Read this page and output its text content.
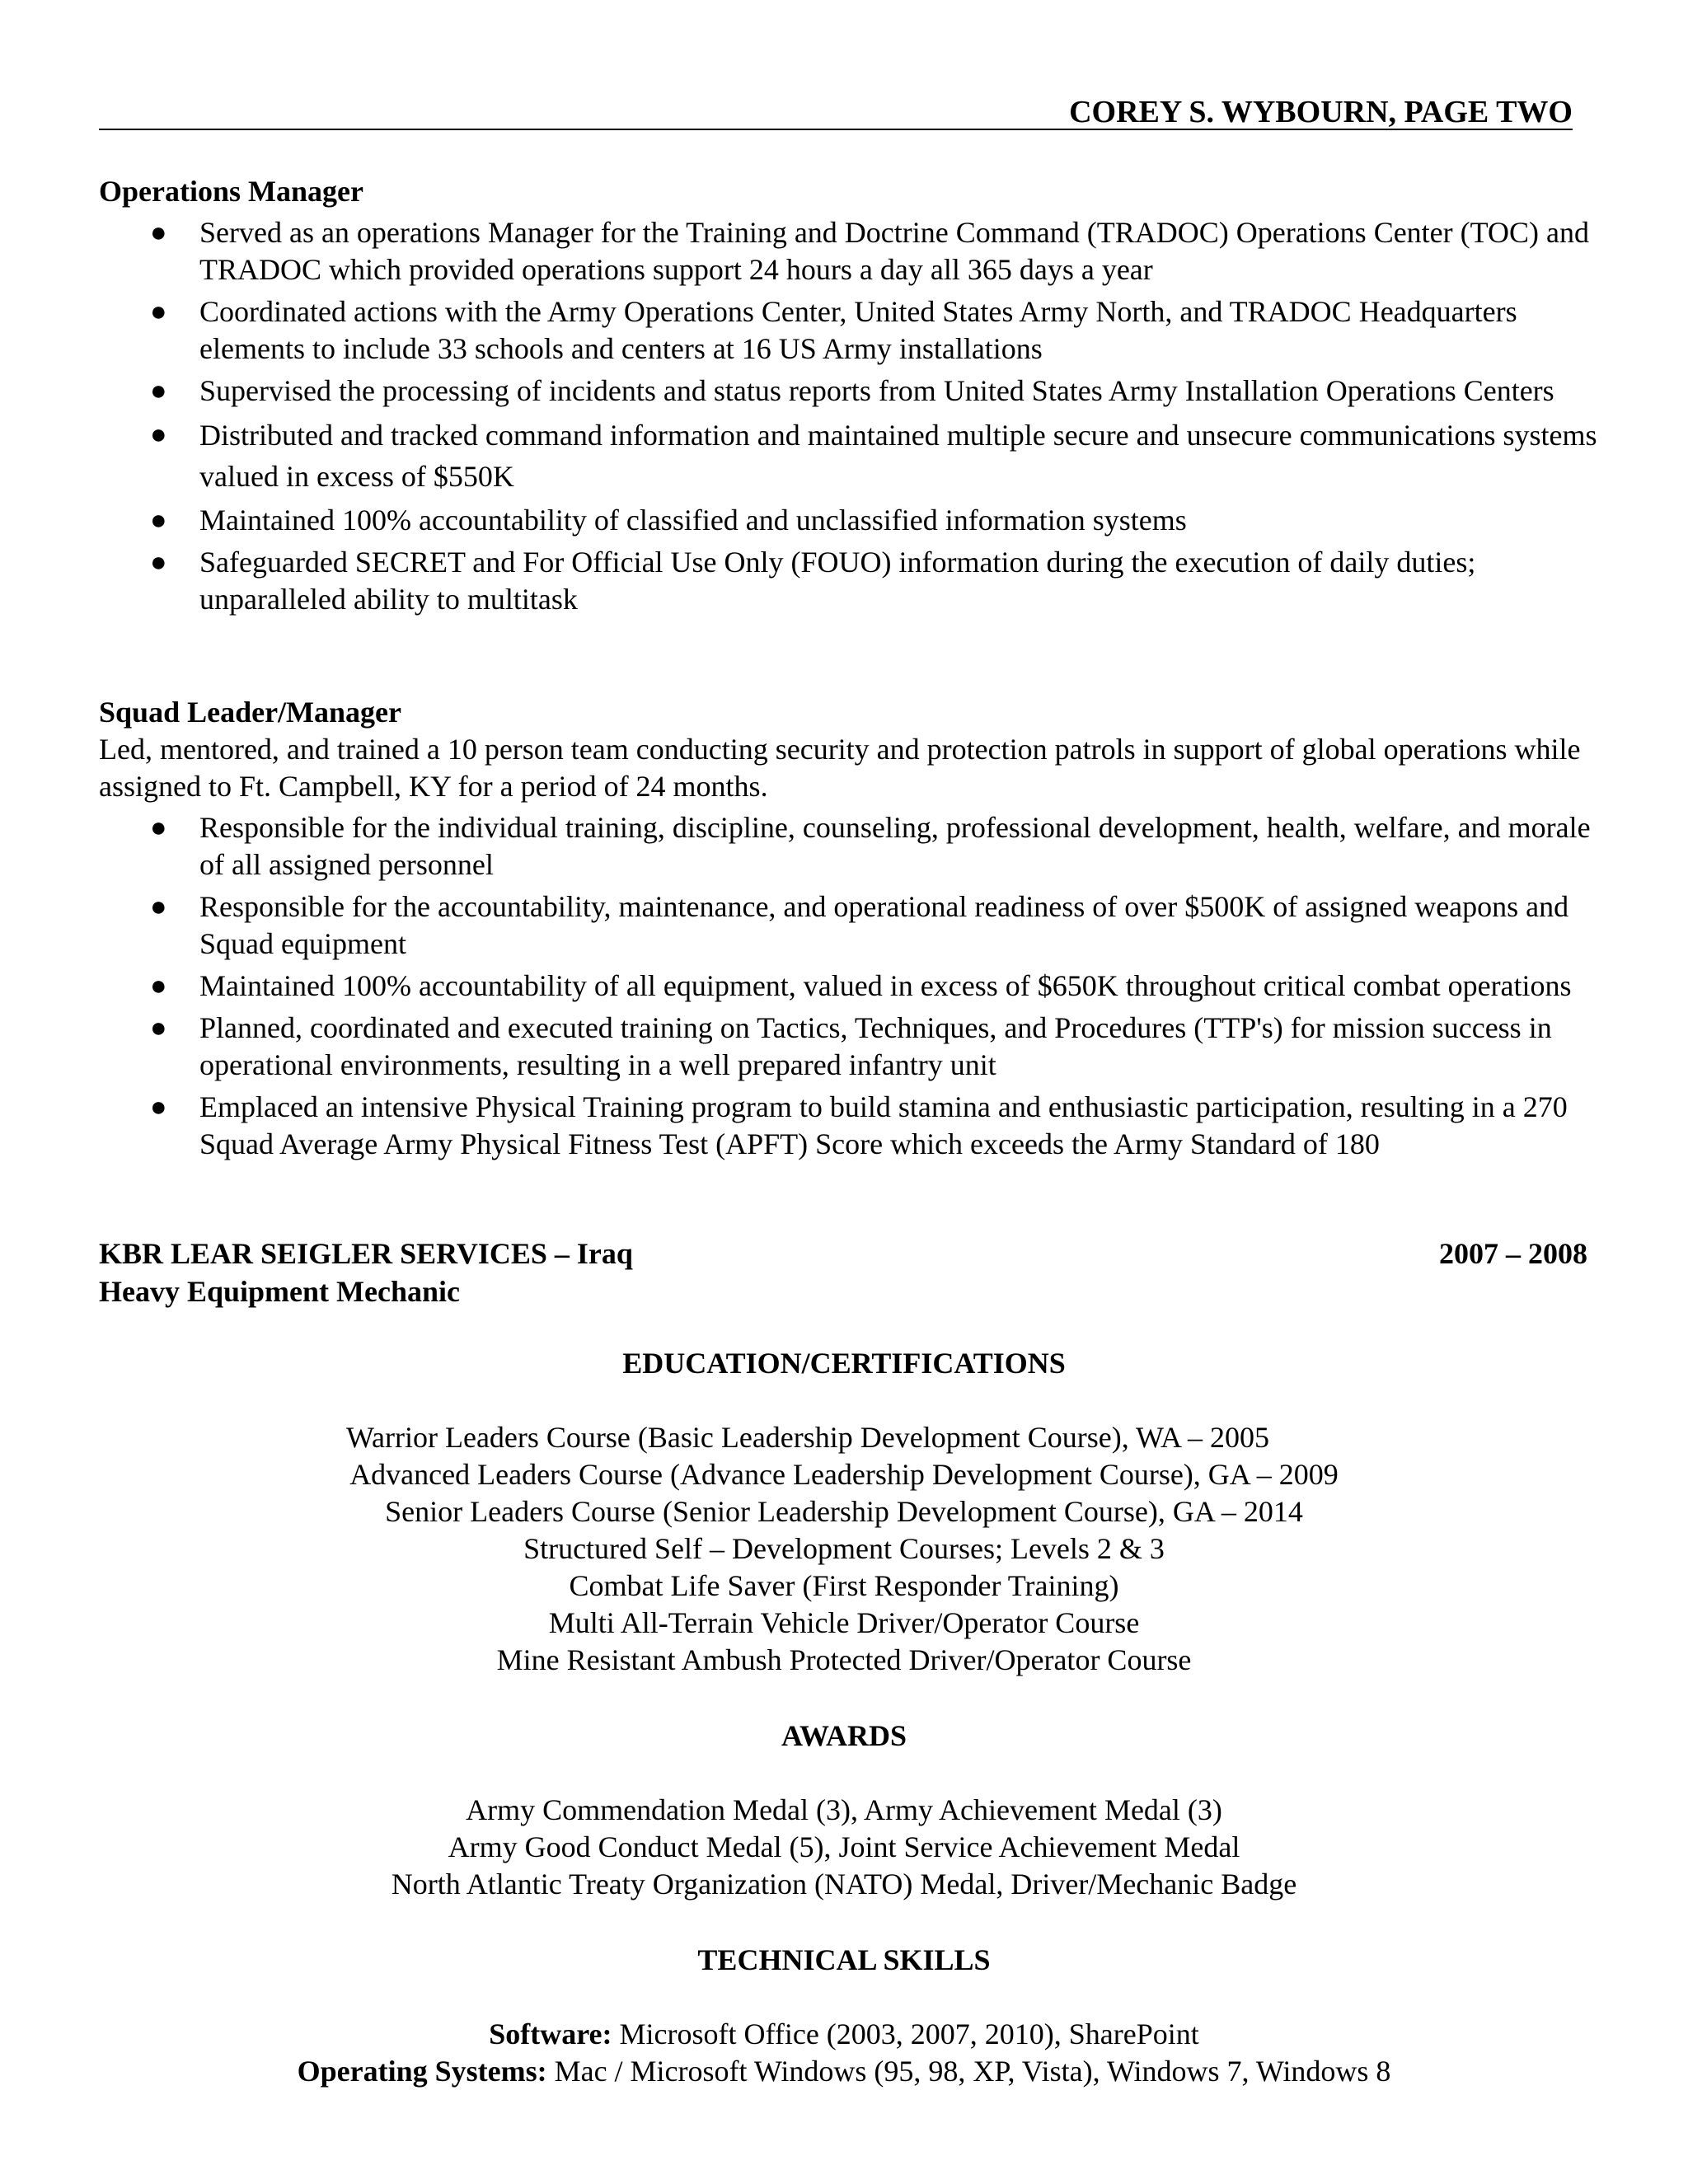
COREY S. WYBOURN, PAGE TWO
Operations Manager
● Served as an operations Manager for the Training and Doctrine Command (TRADOC) Operations Center (TOC) and TRADOC which provided operations support 24 hours a day all 365 days a year
● Coordinated actions with the Army Operations Center, United States Army North, and TRADOC Headquarters elements to include 33 schools and centers at 16 US Army installations
● Supervised the processing of incidents and status reports from United States Army Installation Operations Centers
● Distributed and tracked command information and maintained multiple secure and unsecure communications systems valued in excess of $550K
● Maintained 100% accountability of classified and unclassified information systems
● Safeguarded SECRET and For Official Use Only (FOUO) information during the execution of daily duties; unparalleled ability to multitask
Squad Leader/Manager
Led, mentored, and trained a 10 person team conducting security and protection patrols in support of global operations while assigned to Ft. Campbell, KY for a period of 24 months.
● Responsible for the individual training, discipline, counseling, professional development, health, welfare, and morale of all assigned personnel
● Responsible for the accountability, maintenance, and operational readiness of over $500K of assigned weapons and Squad equipment
● Maintained 100% accountability of all equipment, valued in excess of $650K throughout critical combat operations
● Planned, coordinated and executed training on Tactics, Techniques, and Procedures (TTP's) for mission success in operational environments, resulting in a well prepared infantry unit
● Emplaced an intensive Physical Training program to build stamina and enthusiastic participation, resulting in a 270 Squad Average Army Physical Fitness Test (APFT) Score which exceeds the Army Standard of 180
KBR LEAR SEIGLER SERVICES – Iraq	2007 – 2008
Heavy Equipment Mechanic
EDUCATION/CERTIFICATIONS
Warrior Leaders Course (Basic Leadership Development Course), WA – 2005
Advanced Leaders Course (Advance Leadership Development Course), GA – 2009
Senior Leaders Course (Senior Leadership Development Course), GA – 2014
Structured Self – Development Courses; Levels 2 & 3
Combat Life Saver (First Responder Training)
Multi All-Terrain Vehicle Driver/Operator Course
Mine Resistant Ambush Protected Driver/Operator Course
AWARDS
Army Commendation Medal (3), Army Achievement Medal (3)
Army Good Conduct Medal (5), Joint Service Achievement Medal
North Atlantic Treaty Organization (NATO) Medal, Driver/Mechanic Badge
TECHNICAL SKILLS
Software: Microsoft Office (2003, 2007, 2010), SharePoint
Operating Systems: Mac / Microsoft Windows (95, 98, XP, Vista), Windows 7, Windows 8
